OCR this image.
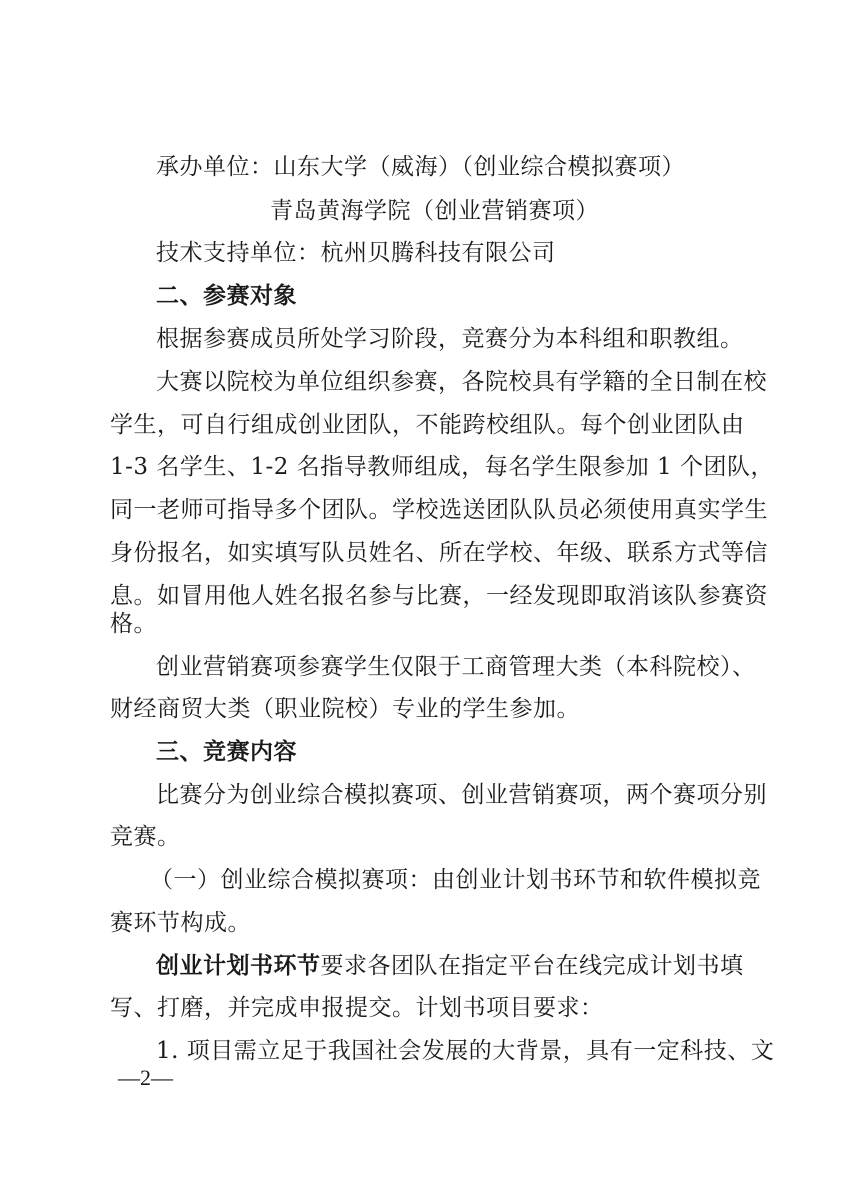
承办单位：山东大学（威海）（创业综合模拟赛项）
青岛黄海学院（创业营销赛项）
技术支持单位：杭州贝腾科技有限公司
二、参赛对象
根据参赛成员所处学习阶段，竞赛分为本科组和职教组。
大赛以院校为单位组织参赛，各院校具有学籍的全日制在校
学生，可自行组成创业团队，不能跨校组队。每个创业团队由
1-3 名学生、1-2 名指导教师组成，每名学生限参加 1 个团队，
同一老师可指导多个团队。学校选送团队队员必须使用真实学生
身份报名，如实填写队员姓名、所在学校、年级、联系方式等信
息。如冒用他人姓名报名参与比赛，一经发现即取消该队参赛资
格。
创业营销赛项参赛学生仅限于工商管理大类（本科院校）、
财经商贸大类（职业院校）专业的学生参加。
三、竞赛内容
比赛分为创业综合模拟赛项、创业营销赛项，两个赛项分别
竞赛。
（一）创业综合模拟赛项：由创业计划书环节和软件模拟竞
赛环节构成。
创业计划书环节要求各团队在指定平台在线完成计划书填
写、打磨，并完成申报提交。计划书项目要求：
1. 项目需立足于我国社会发展的大背景，具有一定科技、文
—2—
